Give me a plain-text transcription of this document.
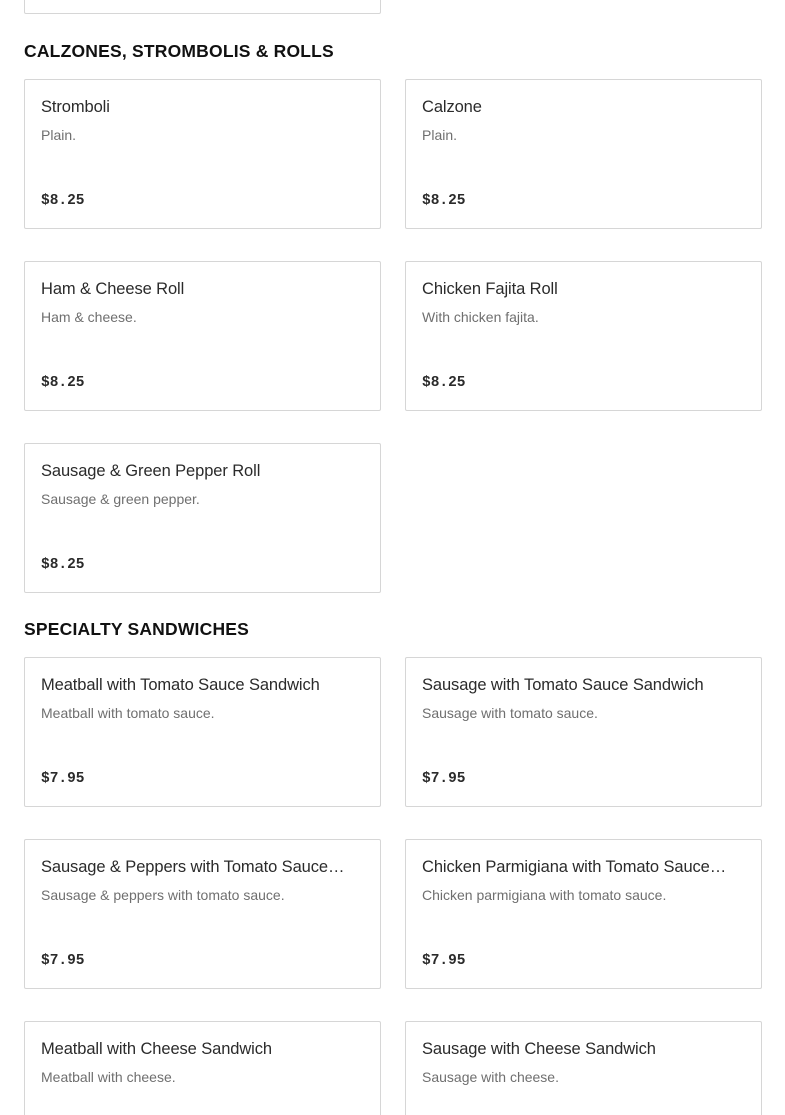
CALZONES, STROMBOLIS & ROLLS
Stromboli
Plain.
$8.25
Calzone
Plain.
$8.25
Ham & Cheese Roll
Ham & cheese.
$8.25
Chicken Fajita Roll
With chicken fajita.
$8.25
Sausage & Green Pepper Roll
Sausage & green pepper.
$8.25
SPECIALTY SANDWICHES
Meatball with Tomato Sauce Sandwich
Meatball with tomato sauce.
$7.95
Sausage with Tomato Sauce Sandwich
Sausage with tomato sauce.
$7.95
Sausage & Peppers with Tomato Sauce…
Sausage & peppers with tomato sauce.
$7.95
Chicken Parmigiana with Tomato Sauce…
Chicken parmigiana with tomato sauce.
$7.95
Meatball with Cheese Sandwich
Meatball with cheese.
Sausage with Cheese Sandwich
Sausage with cheese.
